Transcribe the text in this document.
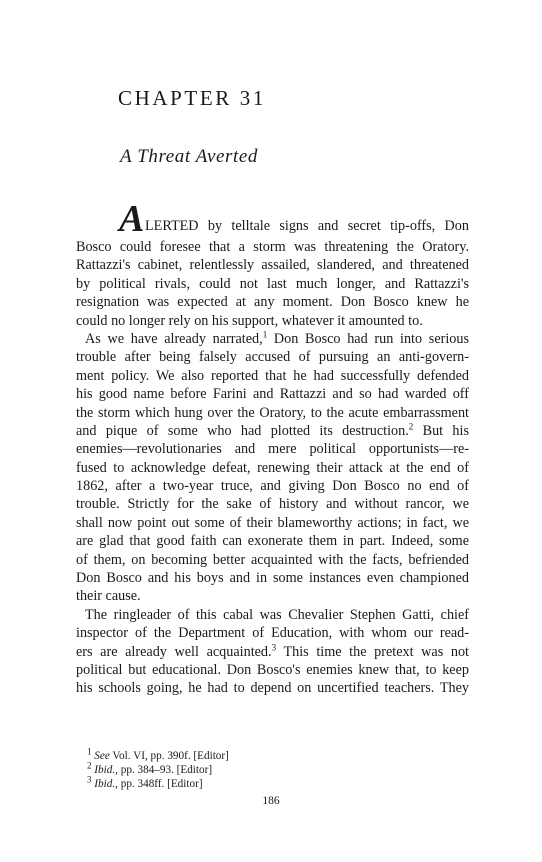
CHAPTER 31
A Threat Averted
A LERTED by telltale signs and secret tip-offs, Don
Bosco could foresee that a storm was threatening the Oratory.
Rattazzi's cabinet, relentlessly assailed, slandered, and threatened
by political rivals, could not last much longer, and Rattazzi's
resignation was expected at any moment. Don Bosco knew he
could no longer rely on his support, whatever it amounted to.
As we have already narrated,$^1$ Don Bosco had run into serious
trouble after being falsely accused of pursuing an anti-govern-
ment policy. We also reported that he had successfully defended
his good name before Farini and Rattazzi and so had warded off
the storm which hung over the Oratory, to the acute embarrassment
and pique of some who had plotted its destruction.$^2$ But his
enemies—revolutionaries and mere political opportunists—re-
fused to acknowledge defeat, renewing their attack at the end of
1862, after a two-year truce, and giving Don Bosco no end of
trouble. Strictly for the sake of history and without rancor, we
shall now point out some of their blameworthy actions; in fact, we
are glad that good faith can exonerate them in part. Indeed, some
of them, on becoming better acquainted with the facts, befriended
Don Bosco and his boys and in some instances even championed
their cause.
The ringleader of this cabal was Chevalier Stephen Gatti, chief
inspector of the Department of Education, with whom our read-
ers are already well acquainted.$^3$ This time the pretext was not
political but educational. Don Bosco's enemies knew that, to keep
his schools going, he had to depend on uncertified teachers. They
$^1$ See Vol. VI, pp. 390f. [Editor]
$^2$ Ibid., pp. 384–93. [Editor]
$^3$ Ibid., pp. 348ff. [Editor]
186
